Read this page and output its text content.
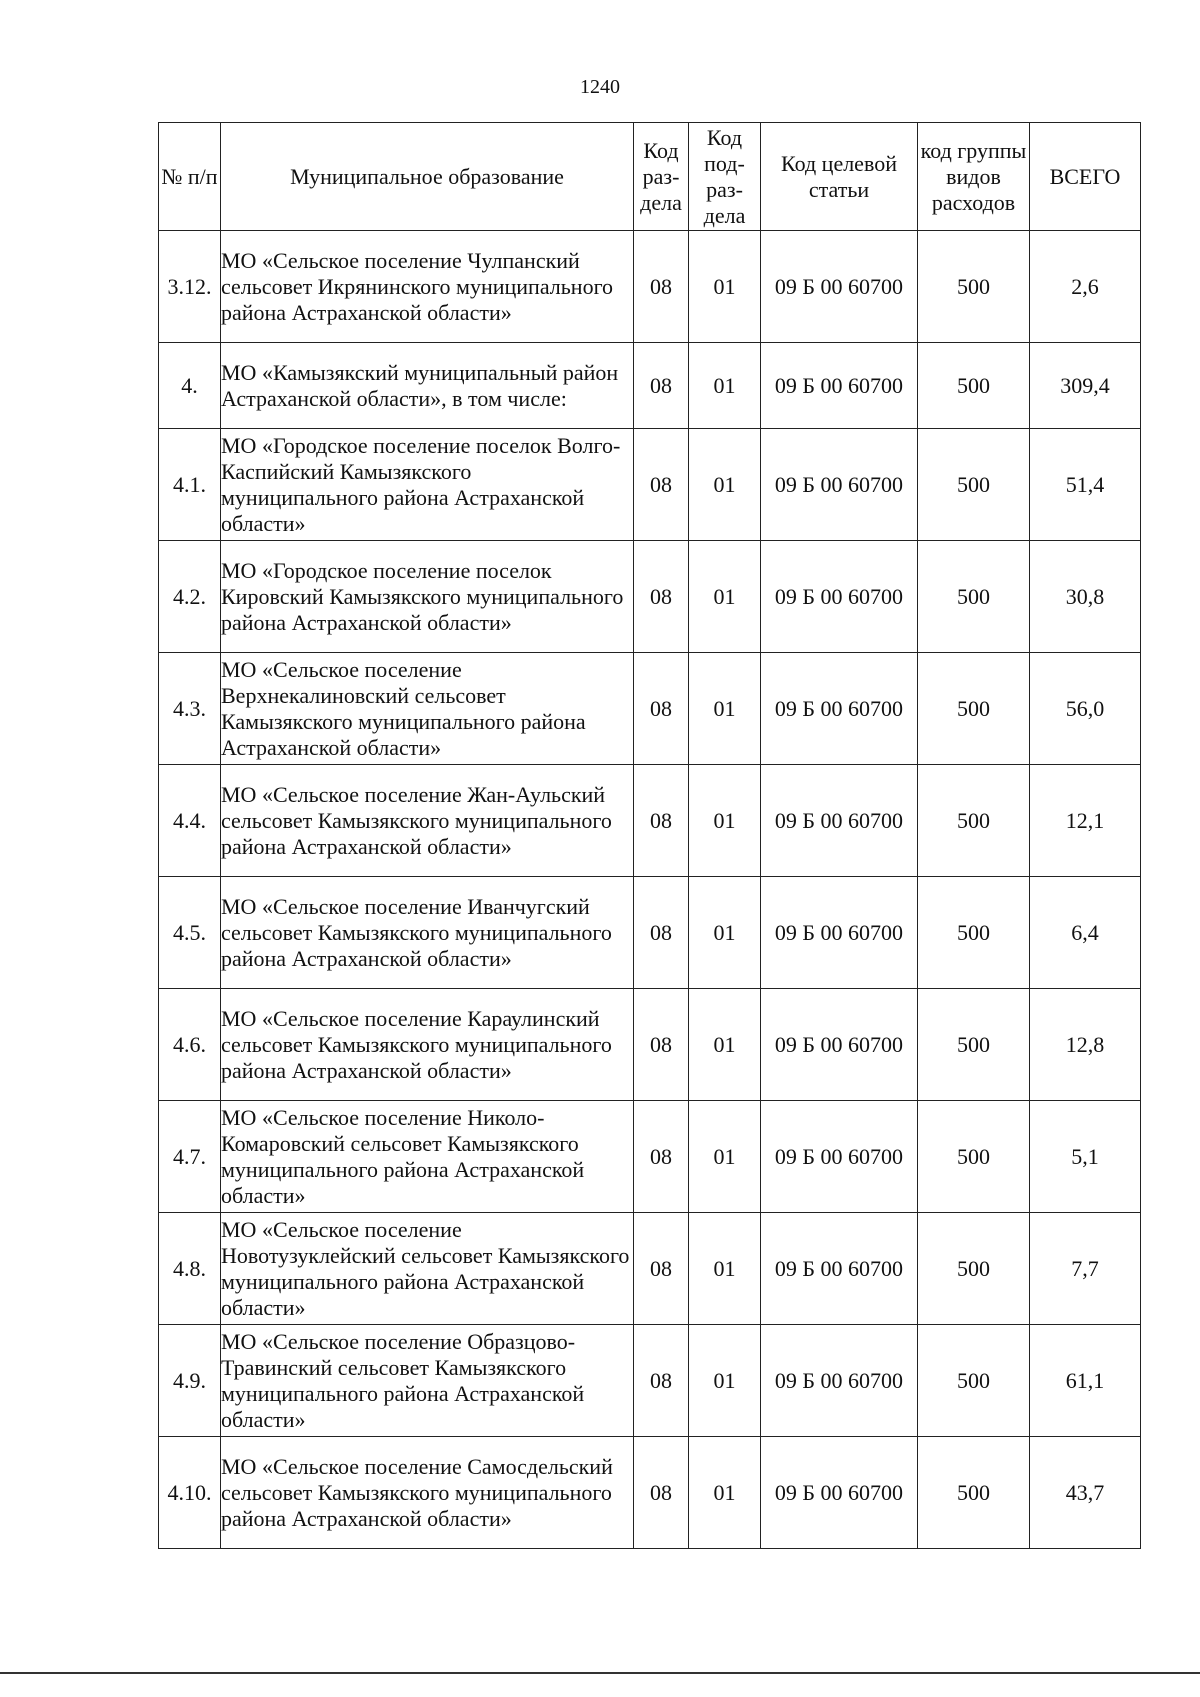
1240
№ п/п	Муниципальное образование	Код раз-дела	Код под-раз-дела	Код целевой статьи	код группы видов расходов	ВСЕГО
3.12.	МО «Сельское поселение Чулпанский сельсовет Икрянинского муниципального района Астраханской области»	08	01	09 Б 00 60700	500	2,6
4.	МО «Камызякский муниципальный район Астраханской области», в том числе:	08	01	09 Б 00 60700	500	309,4
4.1.	МО «Городское поселение поселок Волго-Каспийский Камызякского муниципального района Астраханской области»	08	01	09 Б 00 60700	500	51,4
4.2.	МО «Городское поселение поселок Кировский Камызякского муниципального района Астраханской области»	08	01	09 Б 00 60700	500	30,8
4.3.	МО «Сельское поселение Верхнекалиновский сельсовет Камызякского муниципального района Астраханской области»	08	01	09 Б 00 60700	500	56,0
4.4.	МО «Сельское поселение Жан-Аульский сельсовет Камызякского муниципального района Астраханской области»	08	01	09 Б 00 60700	500	12,1
4.5.	МО «Сельское поселение Иванчугский сельсовет Камызякского муниципального района Астраханской области»	08	01	09 Б 00 60700	500	6,4
4.6.	МО «Сельское поселение Караулинский сельсовет Камызякского муниципального района Астраханской области»	08	01	09 Б 00 60700	500	12,8
4.7.	МО «Сельское поселение Николо-Комаровский сельсовет Камызякского муниципального района Астраханской области»	08	01	09 Б 00 60700	500	5,1
4.8.	МО «Сельское поселение Новотузуклейский сельсовет Камызякского муниципального района Астраханской области»	08	01	09 Б 00 60700	500	7,7
4.9.	МО «Сельское поселение Образцово-Травинский сельсовет Камызякского муниципального района Астраханской области»	08	01	09 Б 00 60700	500	61,1
4.10.	МО «Сельское поселение Самосдельский сельсовет Камызякского муниципального района Астраханской области»	08	01	09 Б 00 60700	500	43,7
